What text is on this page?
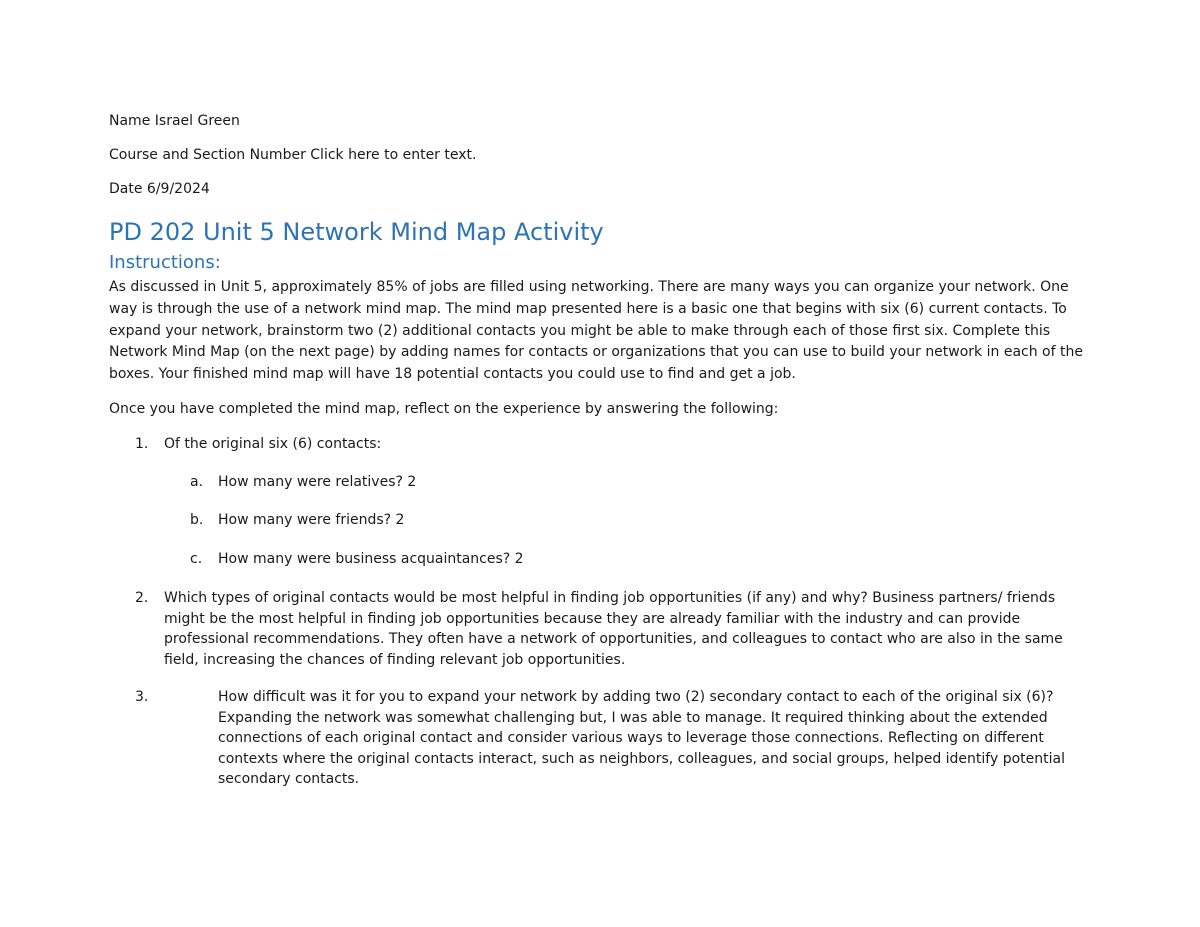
Name Israel Green
Course and Section Number Click here to enter text.
Date 6/9/2024
PD 202 Unit 5 Network Mind Map Activity
Instructions:
As discussed in Unit 5, approximately 85% of jobs are filled using networking. There are many ways you can organize your network. One way is through the use of a network mind map. The mind map presented here is a basic one that begins with six (6) current contacts. To expand your network, brainstorm two (2) additional contacts you might be able to make through each of those first six. Complete this Network Mind Map (on the next page) by adding names for contacts or organizations that you can use to build your network in each of the boxes. Your finished mind map will have 18 potential contacts you could use to find and get a job.
Once you have completed the mind map, reflect on the experience by answering the following:
1. Of the original six (6) contacts:
a. How many were relatives? 2
b. How many were friends? 2
c. How many were business acquaintances? 2
2. Which types of original contacts would be most helpful in finding job opportunities (if any) and why? Business partners/ friends might be the most helpful in finding job opportunities because they are already familiar with the industry and can provide professional recommendations. They often have a network of opportunities, and colleagues to contact who are also in the same field, increasing the chances of finding relevant job opportunities.
3.	How difficult was it for you to expand your network by adding two (2) secondary contact to each of the original six (6)? Expanding the network was somewhat challenging but, I was able to manage. It required thinking about the extended connections of each original contact and consider various ways to leverage those connections. Reflecting on different contexts where the original contacts interact, such as neighbors, colleagues, and social groups, helped identify potential secondary contacts.
